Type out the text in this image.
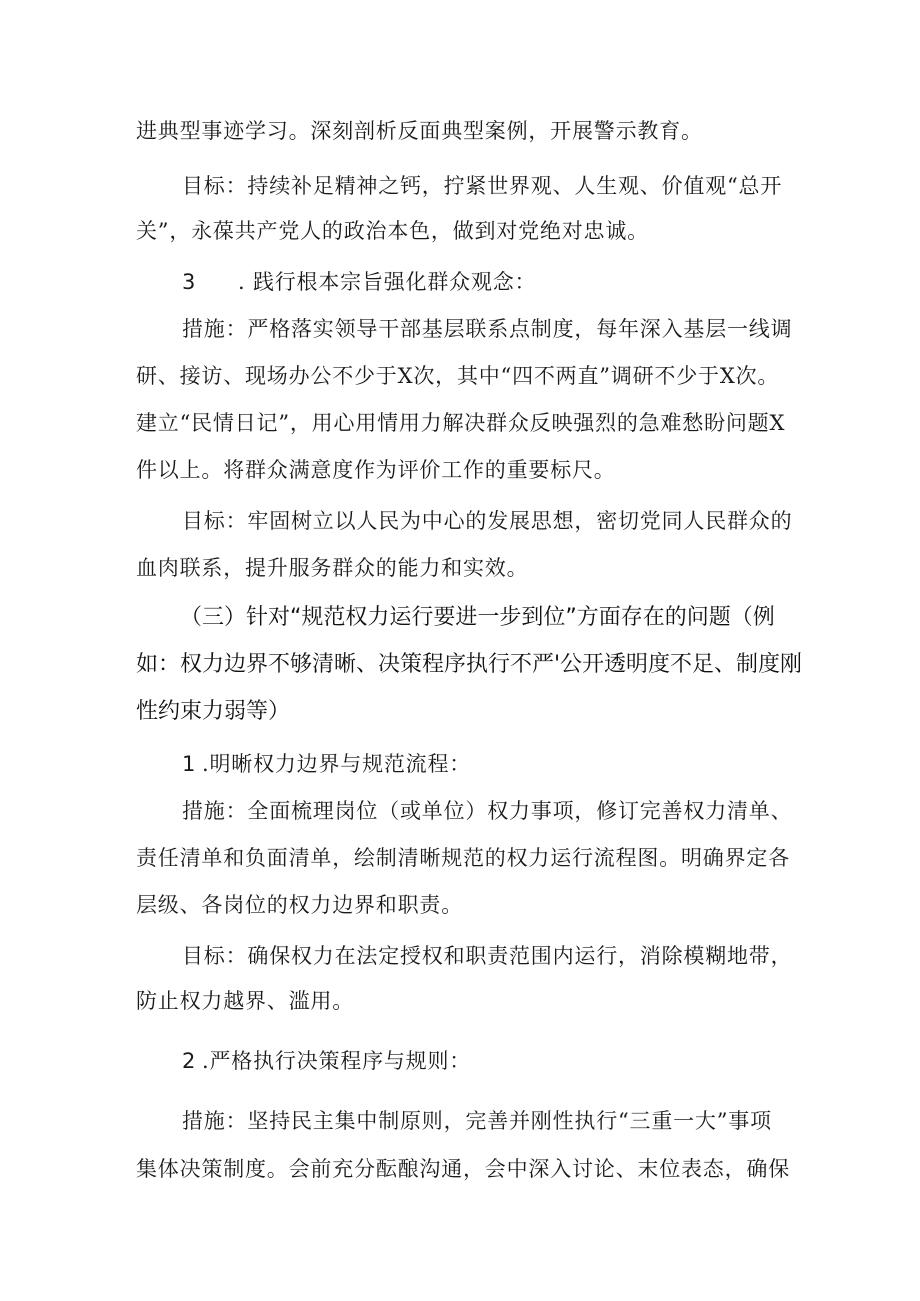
进典型事迹学习。深刻剖析反面典型案例，开展警示教育。
目标：持续补足精神之钙，拧紧世界观、人生观、价值观“总开
关”，永葆共产党人的政治本色，做到对党绝对忠诚。
3 . 践行根本宗旨强化群众观念：
措施：严格落实领导干部基层联系点制度，每年深入基层一线调
研、接访、现场办公不少于X次，其中“四不两直”调研不少于X次。
建立“民情日记”，用心用情用力解决群众反映强烈的急难愁盼问题X
件以上。将群众满意度作为评价工作的重要标尺。
目标：牢固树立以人民为中心的发展思想，密切党同人民群众的
血肉联系，提升服务群众的能力和实效。
（三）针对“规范权力运行要进一步到位”方面存在的问题（例
如：权力边界不够清晰、决策程序执行不严'公开透明度不足、制度刚
性约束力弱等）
1 .明晰权力边界与规范流程：
措施：全面梳理岗位（或单位）权力事项，修订完善权力清单、
责任清单和负面清单，绘制清晰规范的权力运行流程图。明确界定各
层级、各岗位的权力边界和职责。
目标：确保权力在法定授权和职责范围内运行，消除模糊地带，
防止权力越界、滥用。
2 .严格执行决策程序与规则：
措施：坚持民主集中制原则，完善并刚性执行“三重一大”事项
集体决策制度。会前充分酝酿沟通，会中深入讨论、末位表态，确保
